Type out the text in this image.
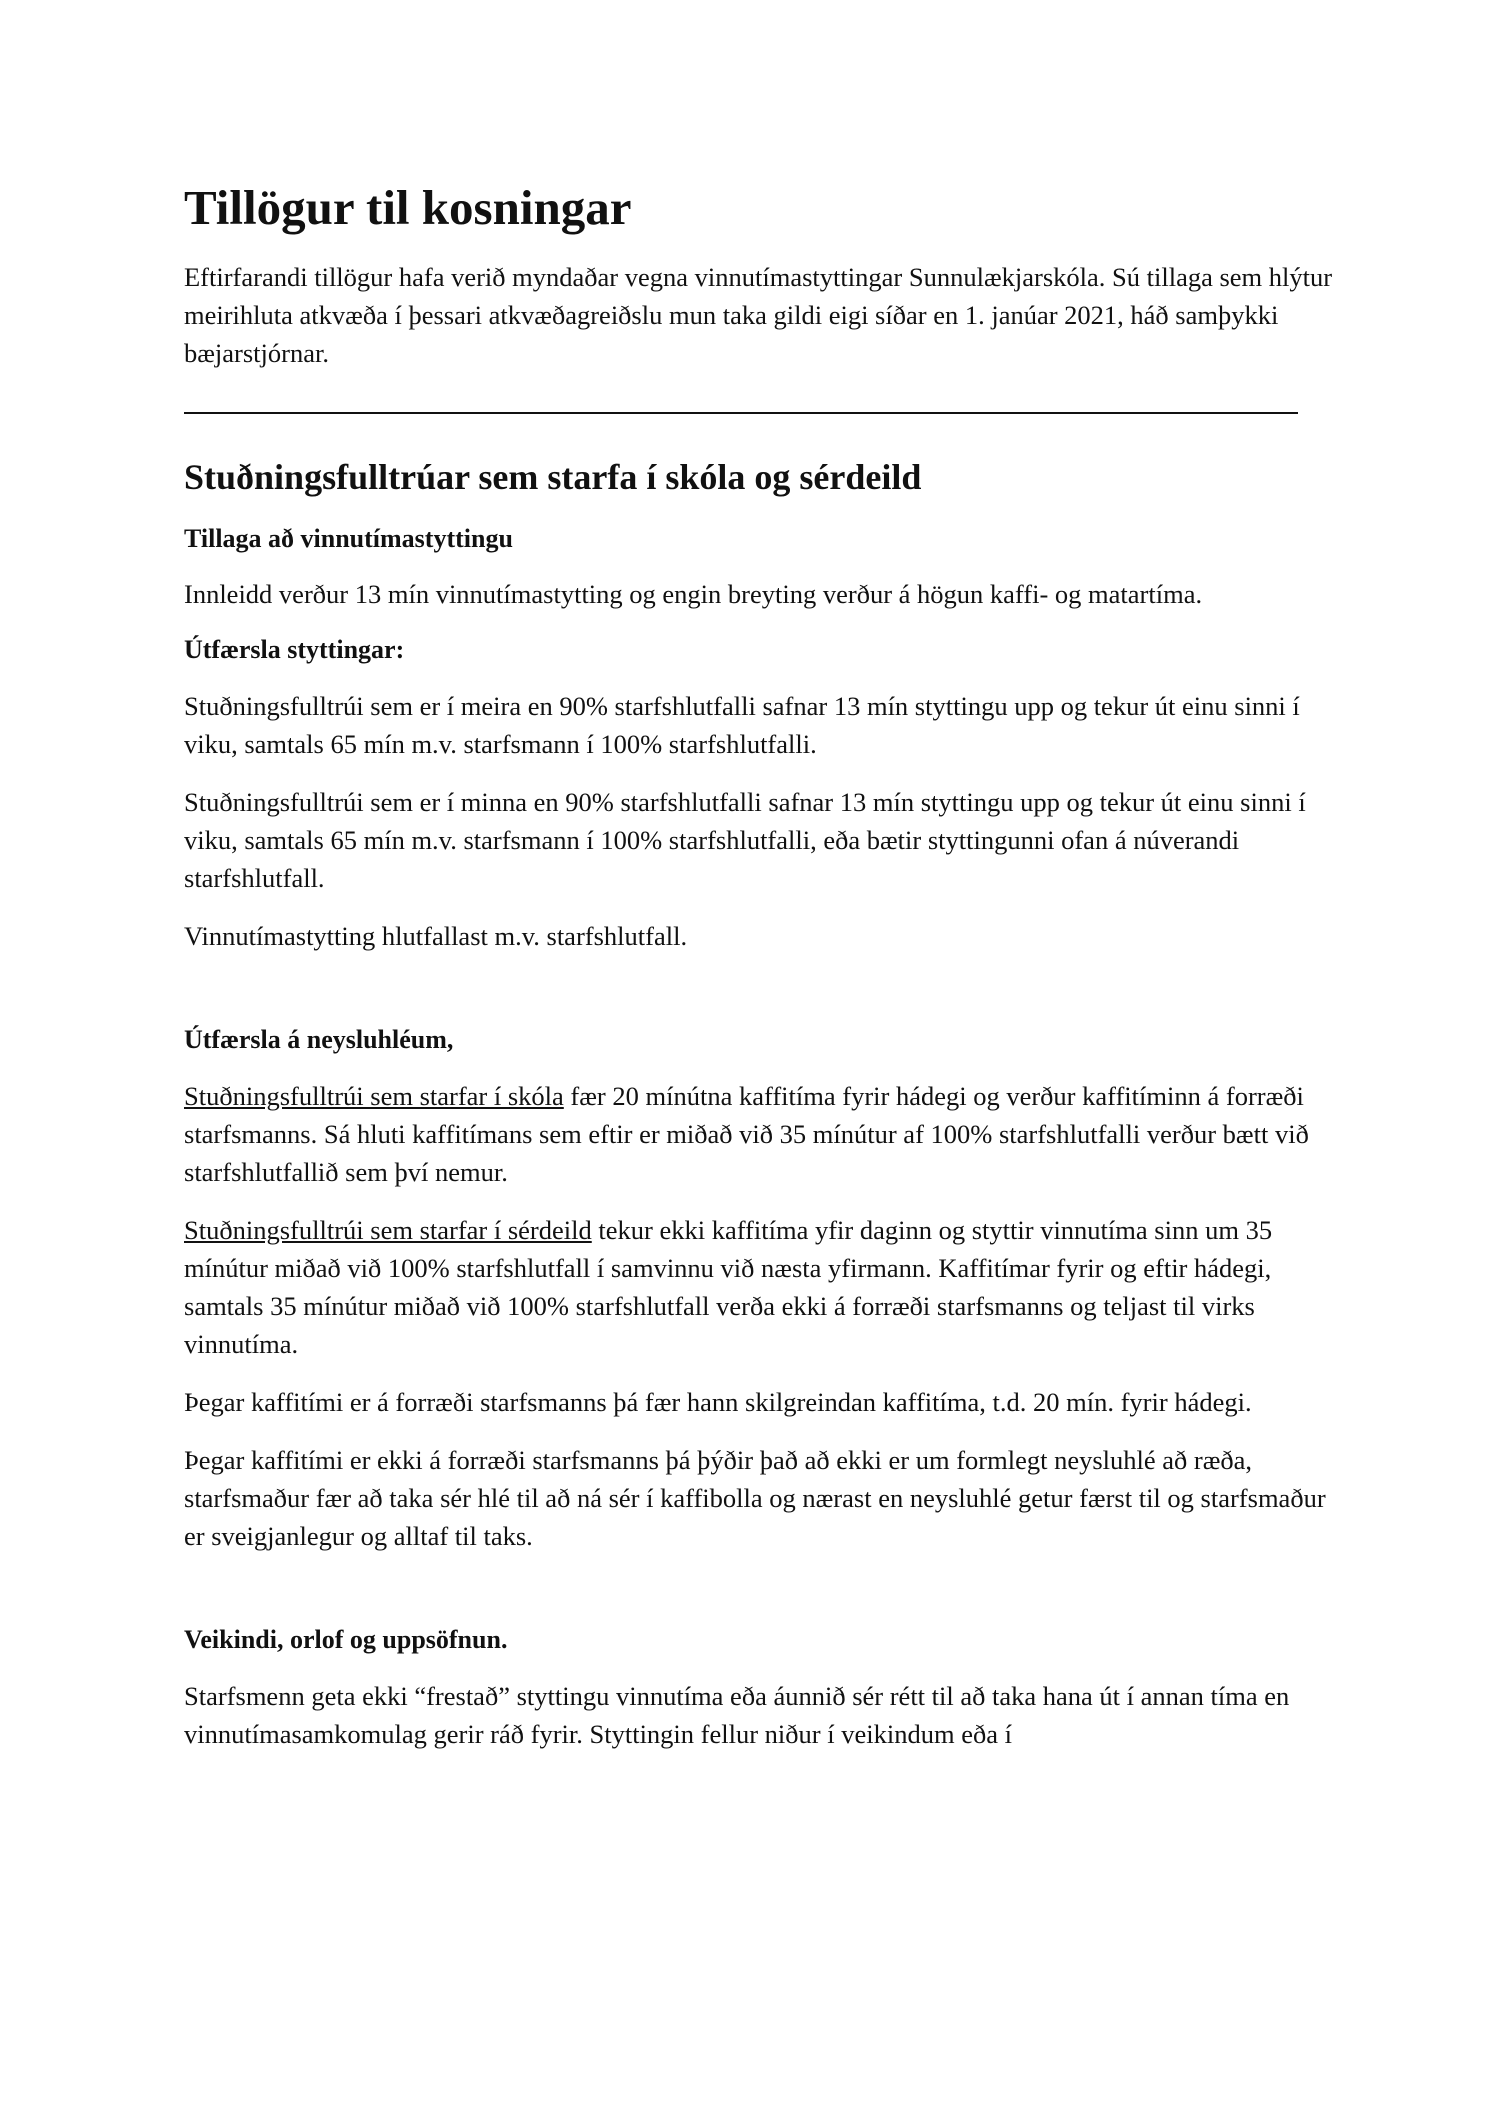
Tillögur til kosningar

Eftirfarandi tillögur hafa verið myndaðar vegna vinnutímastyttingar Sunnulækjarskóla. Sú tillaga sem hlýtur meirihluta atkvæða í þessari atkvæðagreiðslu mun taka gildi eigi síðar en 1. janúar 2021, háð samþykki bæjarstjórnar.

Stuðningsfulltrúar sem starfa í skóla og sérdeild
Tillaga að vinnutímastyttingu

Innleidd verður 13 mín vinnutímastytting og engin breyting verður á högun kaffi- og matartíma.

Útfærsla styttingar:

Stuðningsfulltrúi sem er í meira en 90% starfshlutfalli safnar 13 mín styttingu upp og tekur út einu sinni í viku, samtals 65 mín m.v. starfsmann í 100% starfshlutfalli.

Stuðningsfulltrúi sem er í minna en 90% starfshlutfalli safnar 13 mín styttingu upp og tekur út einu sinni í viku, samtals 65 mín m.v. starfsmann í 100% starfshlutfalli, eða bætir styttingunni ofan á núverandi starfshlutfall.

Vinnutímastytting hlutfallast m.v. starfshlutfall.

Útfærsla á neysluhléum,

Stuðningsfulltrúi sem starfar í skóla fær 20 mínútna kaffitíma fyrir hádegi og verður kaffitíminn á forræði starfsmanns. Sá hluti kaffitímans sem eftir er miðað við 35 mínútur af 100% starfshlutfalli verður bætt við starfshlutfallið sem því nemur.

Stuðningsfulltrúi sem starfar í sérdeild tekur ekki kaffitíma yfir daginn og styttir vinnutíma sinn um 35 mínútur miðað við 100% starfshlutfall í samvinnu við næsta yfirmann. Kaffitímar fyrir og eftir hádegi, samtals 35 mínútur miðað við 100% starfshlutfall verða ekki á forræði starfsmanns og teljast til virks vinnutíma.

Þegar kaffitími er á forræði starfsmanns þá fær hann skilgreindan kaffitíma, t.d. 20 mín. fyrir hádegi.

Þegar kaffitími er ekki á forræði starfsmanns þá þýðir það að ekki er um formlegt neysluhlé að ræða, starfsmaður fær að taka sér hlé til að ná sér í kaffibolla og nærast en neysluhlé getur færst til og starfsmaður er sveigjanlegur og alltaf til taks.

Veikindi, orlof og uppsöfnun.

Starfsmenn geta ekki “frestað” styttingu vinnutíma eða áunnið sér rétt til að taka hana út í annan tíma en vinnutímasamkomulag gerir ráð fyrir. Styttingin fellur niður í veikindum eða í
